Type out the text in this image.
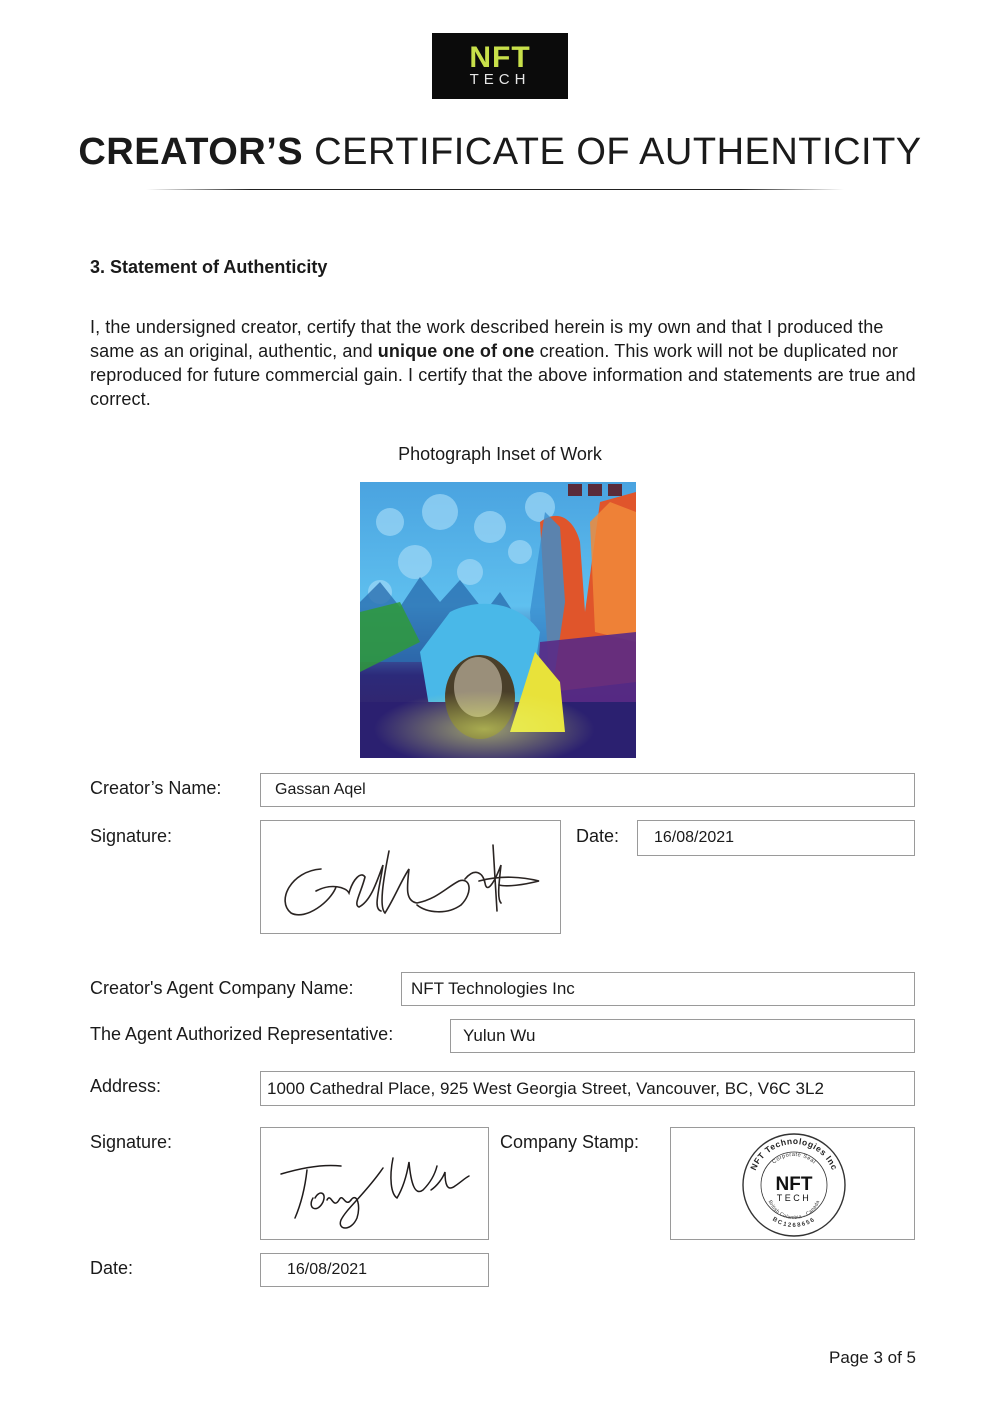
NFT
TECH
CREATOR’S CERTIFICATE OF AUTHENTICITY
3. Statement of Authenticity
I, the undersigned creator, certify that the work described herein is my own and that I produced the same as an original, authentic, and unique one of one creation. This work will not be duplicated nor reproduced for future commercial gain. I certify that the above information and statements are true and correct.
Photograph Inset of Work
Creator’s Name:	Gassan Aqel
Signature:	Date:	16/08/2021
Creator's Agent Company Name:	NFT Technologies Inc
The Agent Authorized Representative:	Yulun Wu
Address:	1000 Cathedral Place, 925 West Georgia Street, Vancouver, BC, V6C 3L2
Signature:	Company Stamp:
NFT Technologies Inc
Corporate Seal
British Columbia · Canada
BC1268656
NFT
TECH
Date:	16/08/2021
Page 3 of 5
